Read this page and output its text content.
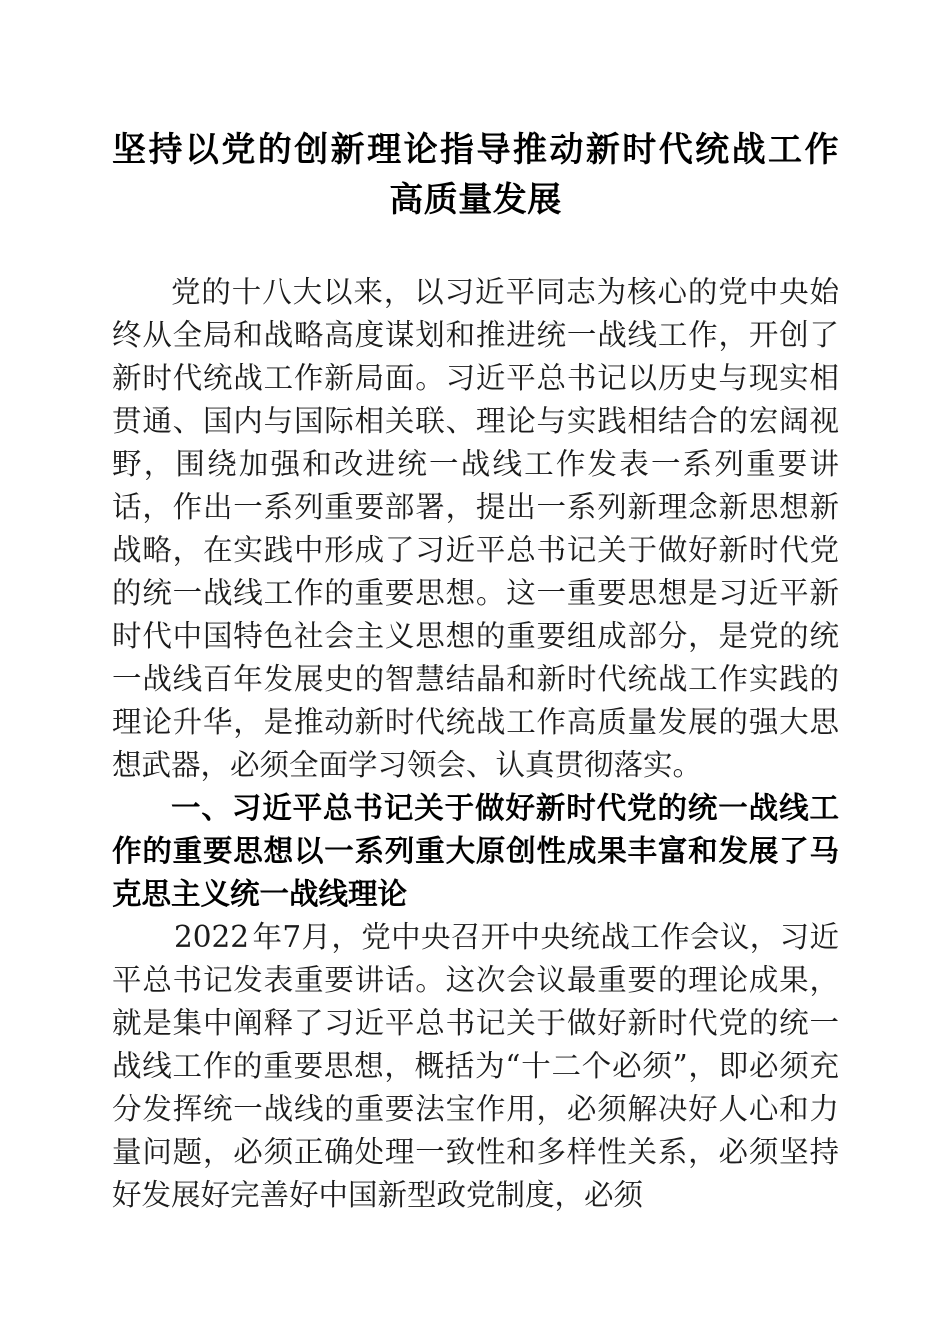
坚持以党的创新理论指导推动新时代统战工作
高质量发展

党的十八大以来，以习近平同志为核心的党中央始终从全局和战略高度谋划和推进统一战线工作，开创了新时代统战工作新局面。习近平总书记以历史与现实相贯通、国内与国际相关联、理论与实践相结合的宏阔视野，围绕加强和改进统一战线工作发表一系列重要讲话，作出一系列重要部署，提出一系列新理念新思想新战略，在实践中形成了习近平总书记关于做好新时代党的统一战线工作的重要思想。这一重要思想是习近平新时代中国特色社会主义思想的重要组成部分，是党的统一战线百年发展史的智慧结晶和新时代统战工作实践的理论升华，是推动新时代统战工作高质量发展的强大思想武器，必须全面学习领会、认真贯彻落实。

一、习近平总书记关于做好新时代党的统一战线工作的重要思想以一系列重大原创性成果丰富和发展了马克思主义统一战线理论

2022 年7月，党中央召开中央统战工作会议，习近平总书记发表重要讲话。这次会议最重要的理论成果，就是集中阐释了习近平总书记关于做好新时代党的统一战线工作的重要思想，概括为“十二个必须”，即必须充分发挥统一战线的重要法宝作用，必须解决好人心和力量问题，必须正确处理一致性和多样性关系，必须坚持好发展好完善好中国新型政党制度，必须
